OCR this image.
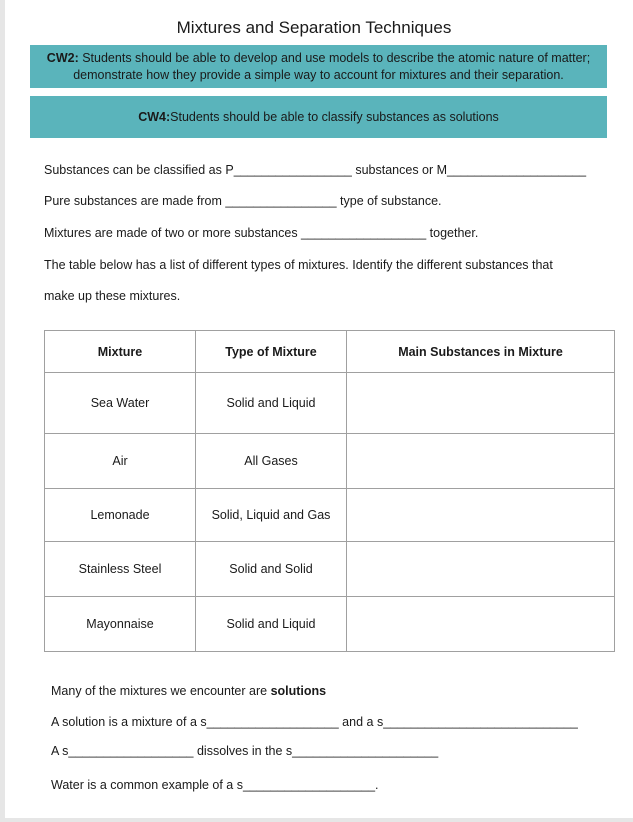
Mixtures and Separation Techniques
CW2: Students should be able to develop and use models to describe the atomic nature of matter;
demonstrate how they provide a simple way to account for mixtures and their separation.
CW4:Students should be able to classify substances as solutions
Substances can be classified as P_________________ substances or M____________________
Pure substances are made from ________________ type of substance.
Mixtures are made of two or more substances __________________ together.
The table below has a list of different types of mixtures. Identify the different substances that
make up these mixtures.
Mixture	Type of Mixture	Main Substances in Mixture
Sea Water	Solid and Liquid	
Air	All Gases	
Lemonade	Solid, Liquid and Gas	
Stainless Steel	Solid and Solid	
Mayonnaise	Solid and Liquid	
Many of the mixtures we encounter are solutions
A solution is a mixture of a s___________________ and a s____________________________
A s__________________ dissolves in the s_____________________
Water is a common example of a s___________________.
